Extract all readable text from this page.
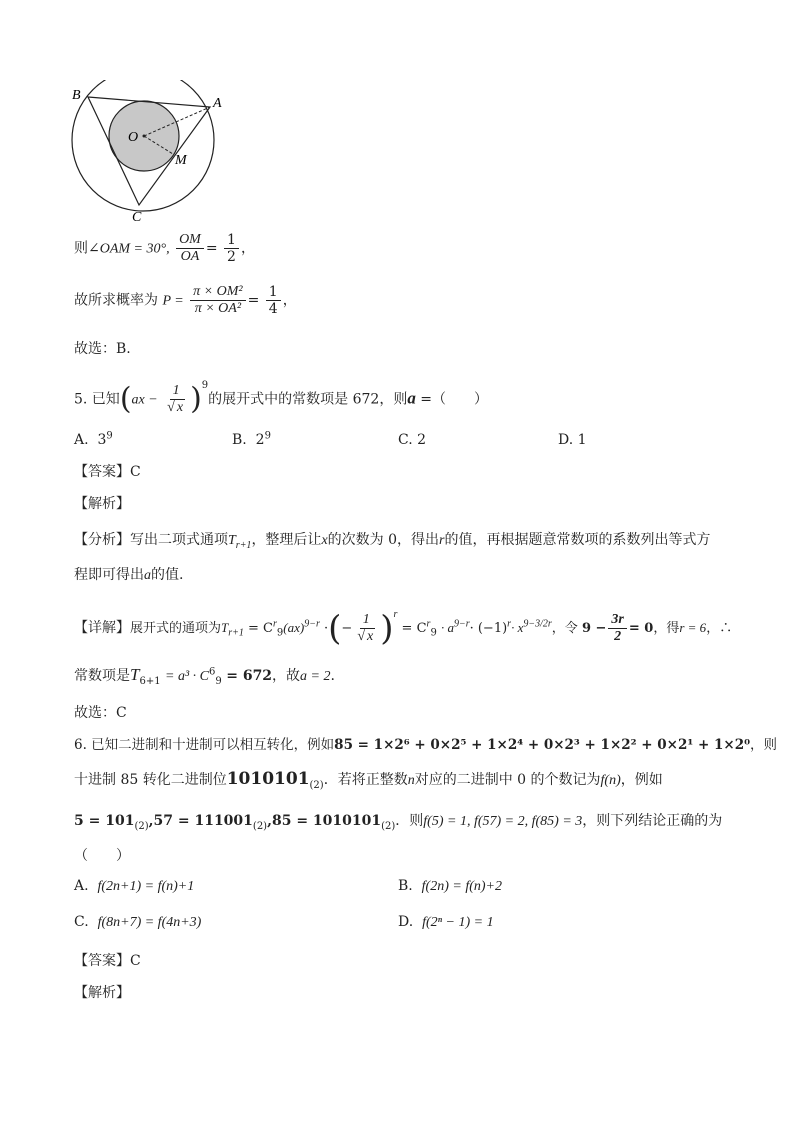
B
A
O
M
C
则∠OAM = 30°, $\frac{OM}{OA} = \frac{1}{2}$ ，
故所求概率为 $P = \frac{\text{π × OM²}}{\text{π × OA²}} = \frac{1}{4}$ ，
故选：B.
5. 已知$(ax - \frac{1}{√ x} )^9$的展开式中的常数项是 672，则a =（　　）
A. $3^9$	B. $2^9$	C. 2	D. 1
【答案】C
【解析】
【分析】写出二项式通项$T_{r+1}$，整理后让x的次数为 0，得出r的值，再根据题意常数项的系数列出等式方
程即可得出a的值.
【详解】展开式的通项为$T_{r+1} = C^r_9(ax)^{9-r}$ ·(− $\frac{1}{√ x} )^r = C^r_9 \cdot a^{9-r}\cdot (-1)^r\cdot x^{9-3/2r}$，令 $9 - \frac{3r}{2} = 0$，得r = 6，∴
常数项是$T_{6+1} = a^3 \cdot C^6_9 = 672$，故a = 2.
故选：C
6. 已知二进制和十进制可以相互转化，例如85 = 1×2⁶ + 0×2⁵ + 1×2⁴ + 0×2³ + 1×2² + 0×2¹ + 1×2⁰，则
十进制 85 转化二进制位$1010101_{(2)}$．若将正整数n对应的二进制中 0 的个数记为f(n)，例如
$5 = 101_{(2)},57 = 111001_{(2)},85 = 1010101_{(2)}$．则f(5) = 1, f(57) = 2, f(85) = 3，则下列结论正确的为
（　　）
A. f(2n+1) = f(n)+1	B. f(2n) = f(n)+2
C. f(8n+7) = f(4n+3)	D. f(2ⁿ − 1) = 1
【答案】C
【解析】
